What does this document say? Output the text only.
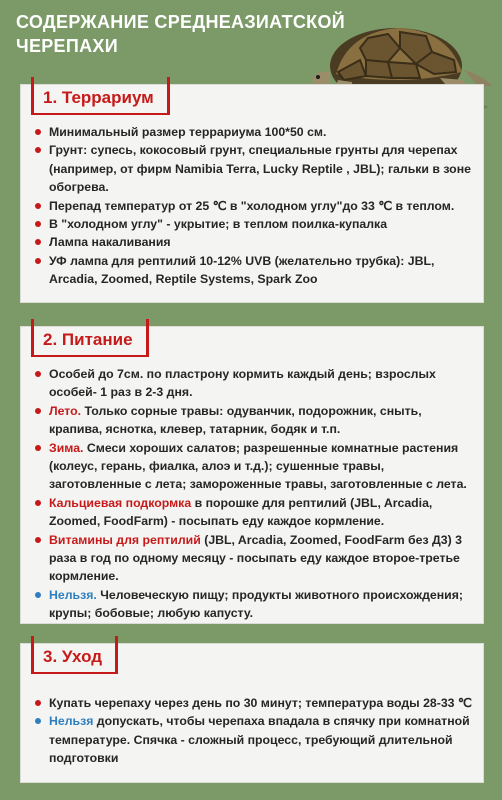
СОДЕРЖАНИЕ СРЕДНЕАЗИАТСКОЙ ЧЕРЕПАХИ
1. Террариум
Минимальный размер террариума 100*50 см.
Грунт: супесь, кокосовый грунт, специальные грунты для черепах (например, от фирм Namibia Terra, Lucky Reptile , JBL); гальки в зоне обогрева.
Перепад температур от 25 ℃ в "холодном углу"до 33 ℃ в теплом.
В "холодном углу" - укрытие; в теплом поилка-купалка
Лампа накаливания
УФ лампа для рептилий 10-12% UVB (желательно трубка): JBL, Arcadia, Zoomed, Reptile Systems, Spark Zoo
2. Питание
Особей до 7см. по пластрону кормить каждый день; взрослых особей- 1 раз в 2-3 дня.
Лето. Только сорные травы: одуванчик, подорожник, сныть, крапива, яснотка, клевер, татарник, бодяк и т.п.
Зима. Смеси хороших салатов; разрешенные комнатные растения (колеус, герань, фиалка, алоэ и т.д.); сушенные травы, заготовленные с лета; замороженные травы, заготовленные с лета.
Кальциевая подкормка в порошке для рептилий (JBL, Arcadia, Zoomed, FoodFarm) - посыпать еду каждое кормление.
Витамины для рептилий (JBL, Arcadia, Zoomed, FoodFarm без Д3) 3 раза в год по одному месяцу - посыпать еду каждое второе-третье кормление.
Нельзя. Человеческую пищу; продукты животного происхождения; крупы; бобовые; любую капусту.
3. Уход
Купать черепаху через день по 30 минут; температура воды 28-33 ℃
Нельзя допускать, чтобы черепаха впадала в спячку при комнатной температуре. Спячка - сложный процесс, требующий длительной подготовки
